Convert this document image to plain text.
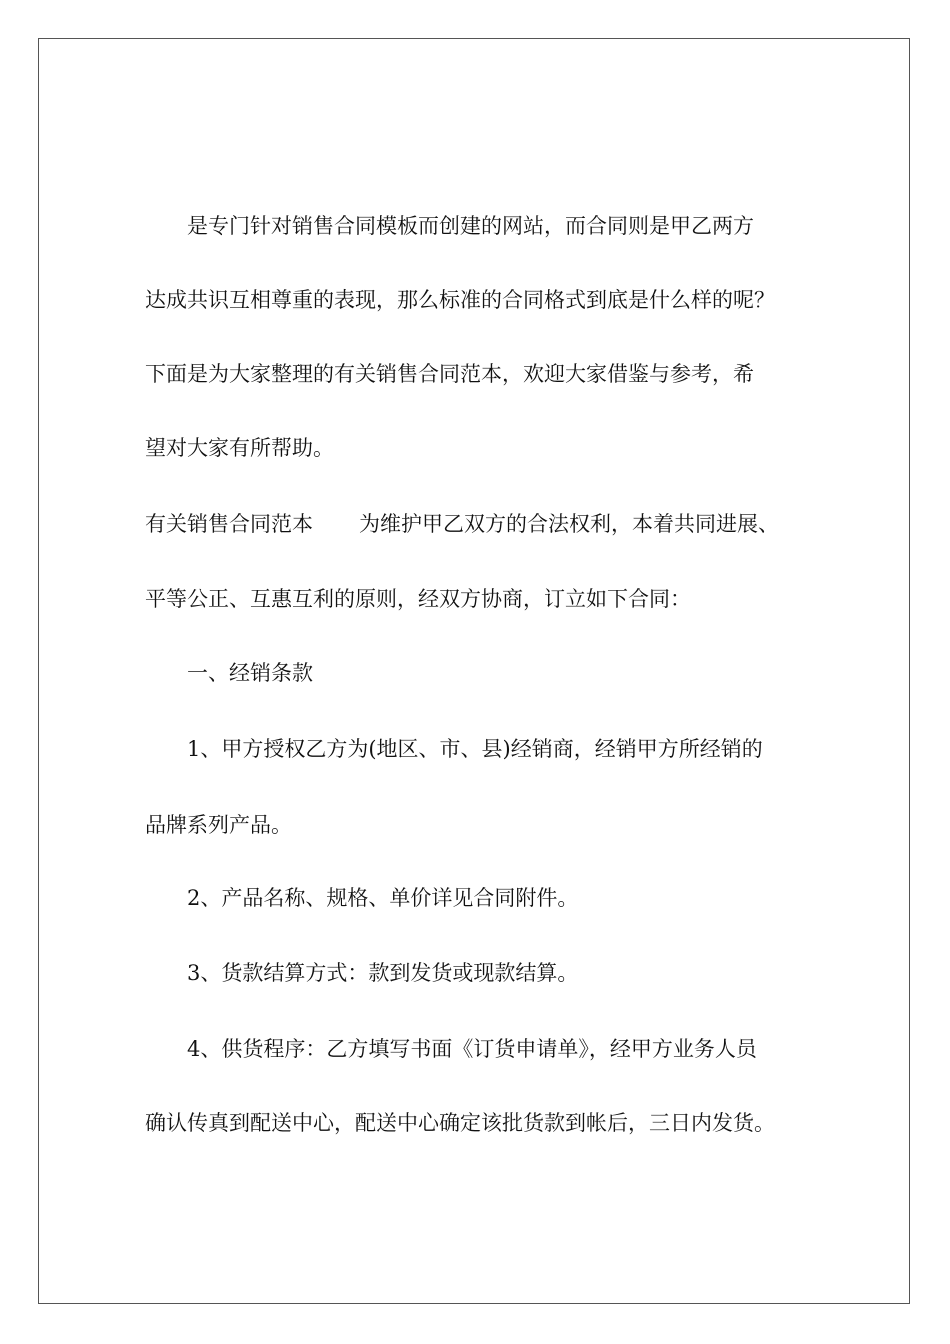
是专门针对销售合同模板而创建的网站，而合同则是甲乙两方

达成共识互相尊重的表现，那么标准的合同格式到底是什么样的呢？

下面是为大家整理的有关销售合同范本，欢迎大家借鉴与参考，希

望对大家有所帮助。

有关销售合同范本 为维护甲乙双方的合法权利，本着共同进展、

平等公正、互惠互利的原则，经双方协商，订立如下合同：

一、经销条款

1、甲方授权乙方为(地区、市、县)经销商，经销甲方所经销的

品牌系列产品。

2、产品名称、规格、单价详见合同附件。

3、货款结算方式：款到发货或现款结算。

4、供货程序：乙方填写书面《订货申请单》，经甲方业务人员

确认传真到配送中心，配送中心确定该批货款到帐后，三日内发货。
